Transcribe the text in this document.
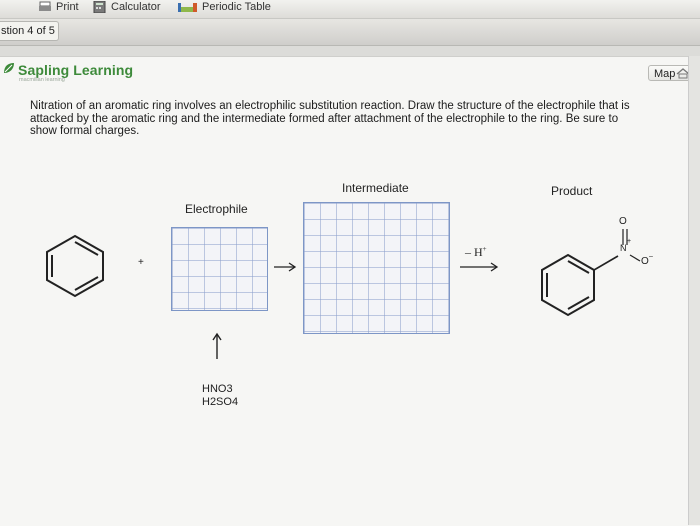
Print	Calculator	Periodic Table
stion 4 of 5
Sapling Learning
macmillan learning	Map
Nitration of an aromatic ring involves an electrophilic substitution reaction. Draw the structure of the electrophile that is attacked by the aromatic ring and the intermediate formed after attachment of the electrophile to the ring. Be sure to show formal charges.
Intermediate	Product
Electrophile
+
– H+
O
N
+
O –
HNO3
H2SO4
